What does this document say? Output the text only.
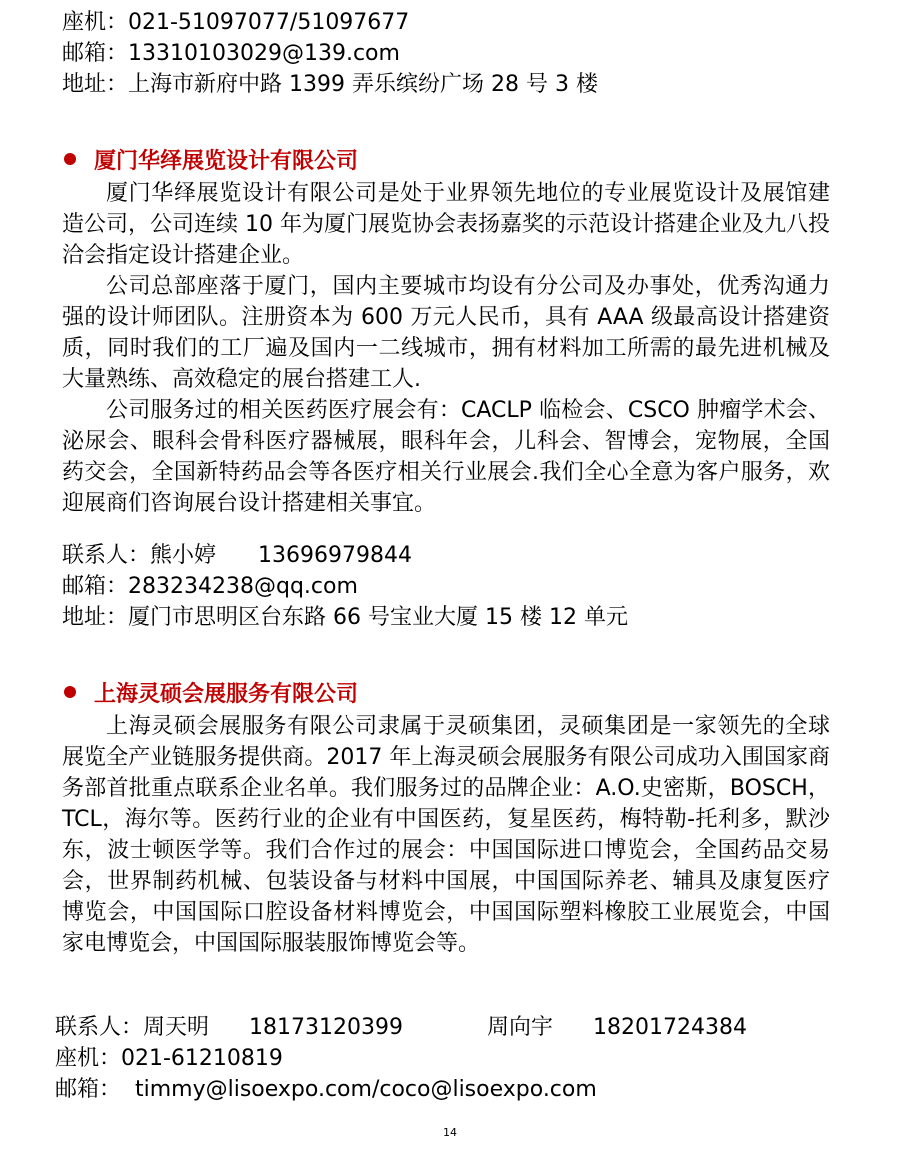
座机：021-51097077/51097677
邮箱：13310103029@139.com
地址：上海市新府中路 1399 弄乐缤纷广场 28 号 3 楼
厦门华绎展览设计有限公司

厦门华绎展览设计有限公司是处于业界领先地位的专业展览设计及展馆建造公司，公司连续 10 年为厦门展览协会表扬嘉奖的示范设计搭建企业及九八投洽会指定设计搭建企业。

公司总部座落于厦门，国内主要城市均设有分公司及办事处，优秀沟通力强的设计师团队。注册资本为 600 万元人民币，具有 AAA 级最高设计搭建资质，同时我们的工厂遍及国内一二线城市，拥有材料加工所需的最先进机械及大量熟练、高效稳定的展台搭建工人.

公司服务过的相关医药医疗展会有：CACLP 临检会、CSCO 肿瘤学术会、泌尿会、眼科会骨科医疗器械展，眼科年会，儿科会、智博会，宠物展，全国药交会，全国新特药品会等各医疗相关行业展会.我们全心全意为客户服务，欢迎展商们咨询展台设计搭建相关事宜。

联系人：熊小婷 13696979844
邮箱：283234238@qq.com
地址：厦门市思明区台东路 66 号宝业大厦 15 楼 12 单元
上海灵硕会展服务有限公司

上海灵硕会展服务有限公司隶属于灵硕集团，灵硕集团是一家领先的全球展览全产业链服务提供商。2017 年上海灵硕会展服务有限公司成功入围国家商务部首批重点联系企业名单。我们服务过的品牌企业：A.O.史密斯，BOSCH，TCL，海尔等。医药行业的企业有中国医药，复星医药，梅特勒-托利多，默沙东，波士顿医学等。我们合作过的展会：中国国际进口博览会，全国药品交易会，世界制药机械、包装设备与材料中国展，中国国际养老、辅具及康复医疗博览会，中国国际口腔设备材料博览会，中国国际塑料橡胶工业展览会，中国家电博览会，中国国际服装服饰博览会等。

联系人：周天明 18173120399	周向宇 18201724384
座机：021-61210819
邮箱：  timmy@lisoexpo.com/coco@lisoexpo.com
14
